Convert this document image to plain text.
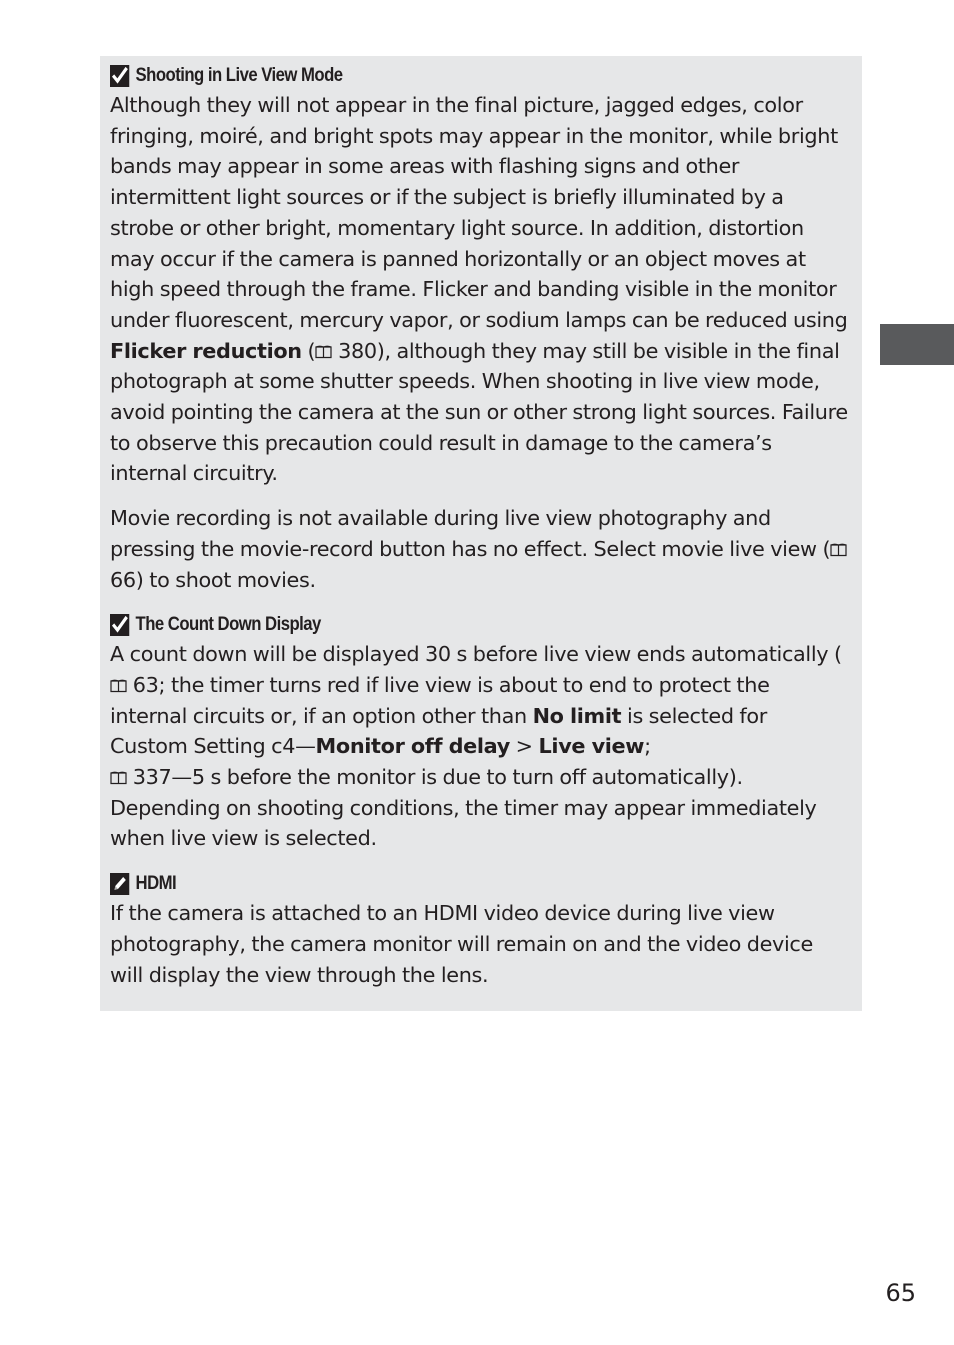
Shooting in Live View Mode

Although they will not appear in the final picture, jagged edges, color fringing, moiré, and bright spots may appear in the monitor, while bright bands may appear in some areas with flashing signs and other intermittent light sources or if the subject is briefly illuminated by a strobe or other bright, momentary light source. In addition, distortion may occur if the camera is panned horizontally or an object moves at high speed through the frame. Flicker and banding visible in the monitor under fluorescent, mercury vapor, or sodium lamps can be reduced using Flicker reduction ( 380), although they may still be visible in the final photograph at some shutter speeds. When shooting in live view mode, avoid pointing the camera at the sun or other strong light sources. Failure to observe this precaution could result in damage to the camera’s internal circuitry.

Movie recording is not available during live view photography and pressing the movie-record button has no effect. Select movie live view (
66) to shoot movies.

The Count Down Display

A count down will be displayed 30 s before live view ends automatically (
63; the timer turns red if live view is about to end to protect the internal circuits or, if an option other than No limit is selected for Custom Setting c4—Monitor off delay > Live view;

337—5 s before the monitor is due to turn off automatically). Depending on shooting conditions, the timer may appear immediately when live view is selected.

HDMI

If the camera is attached to an HDMI video device during live view photography, the camera monitor will remain on and the video device will display the view through the lens.

65
